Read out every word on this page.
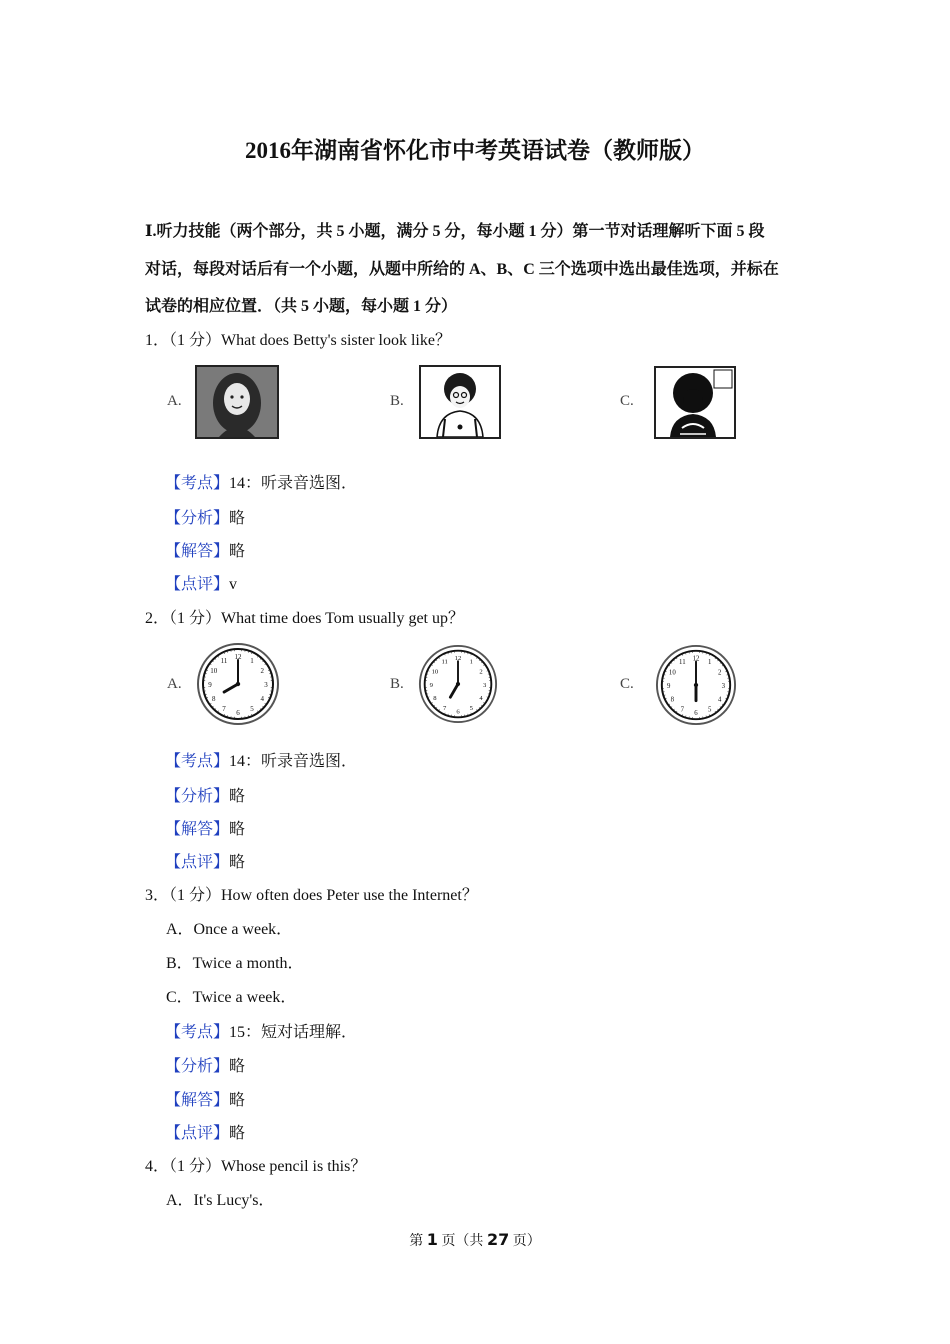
2016年湖南省怀化市中考英语试卷（教师版）
Ⅰ.听力技能（两个部分，共 5 小题，满分 5 分，每小题 1 分）第一节对话理解听下面 5 段
对话，每段对话后有一个小题，从题中所给的 A、B、C 三个选项中选出最佳选项，并标在
试卷的相应位置．（共 5 小题，每小题 1 分）
1．（1 分）What does Betty's sister look like？
A.	B.	C.
【考点】14：听录音选图．
【分析】略
【解答】略
【点评】v
2．（1 分）What time does Tom usually get up？
A.
1
2
3
4
5
6
7
8
9
10
11 12
B.
1
2
3
4
5
6
7
8
9
10
11
12
C.
1
2
3
4
5
6
7
8
9
10
11
12
【考点】14：听录音选图．
【分析】略
【解答】略
【点评】略
3．（1 分）How often does Peter use the Internet？
A．Once a week．
B．Twice a month．
C．Twice a week．
【考点】15：短对话理解．
【分析】略
【解答】略
【点评】略
4．（1 分）Whose pencil is this？
A．It's Lucy's．
第 1 页（共 27 页）
